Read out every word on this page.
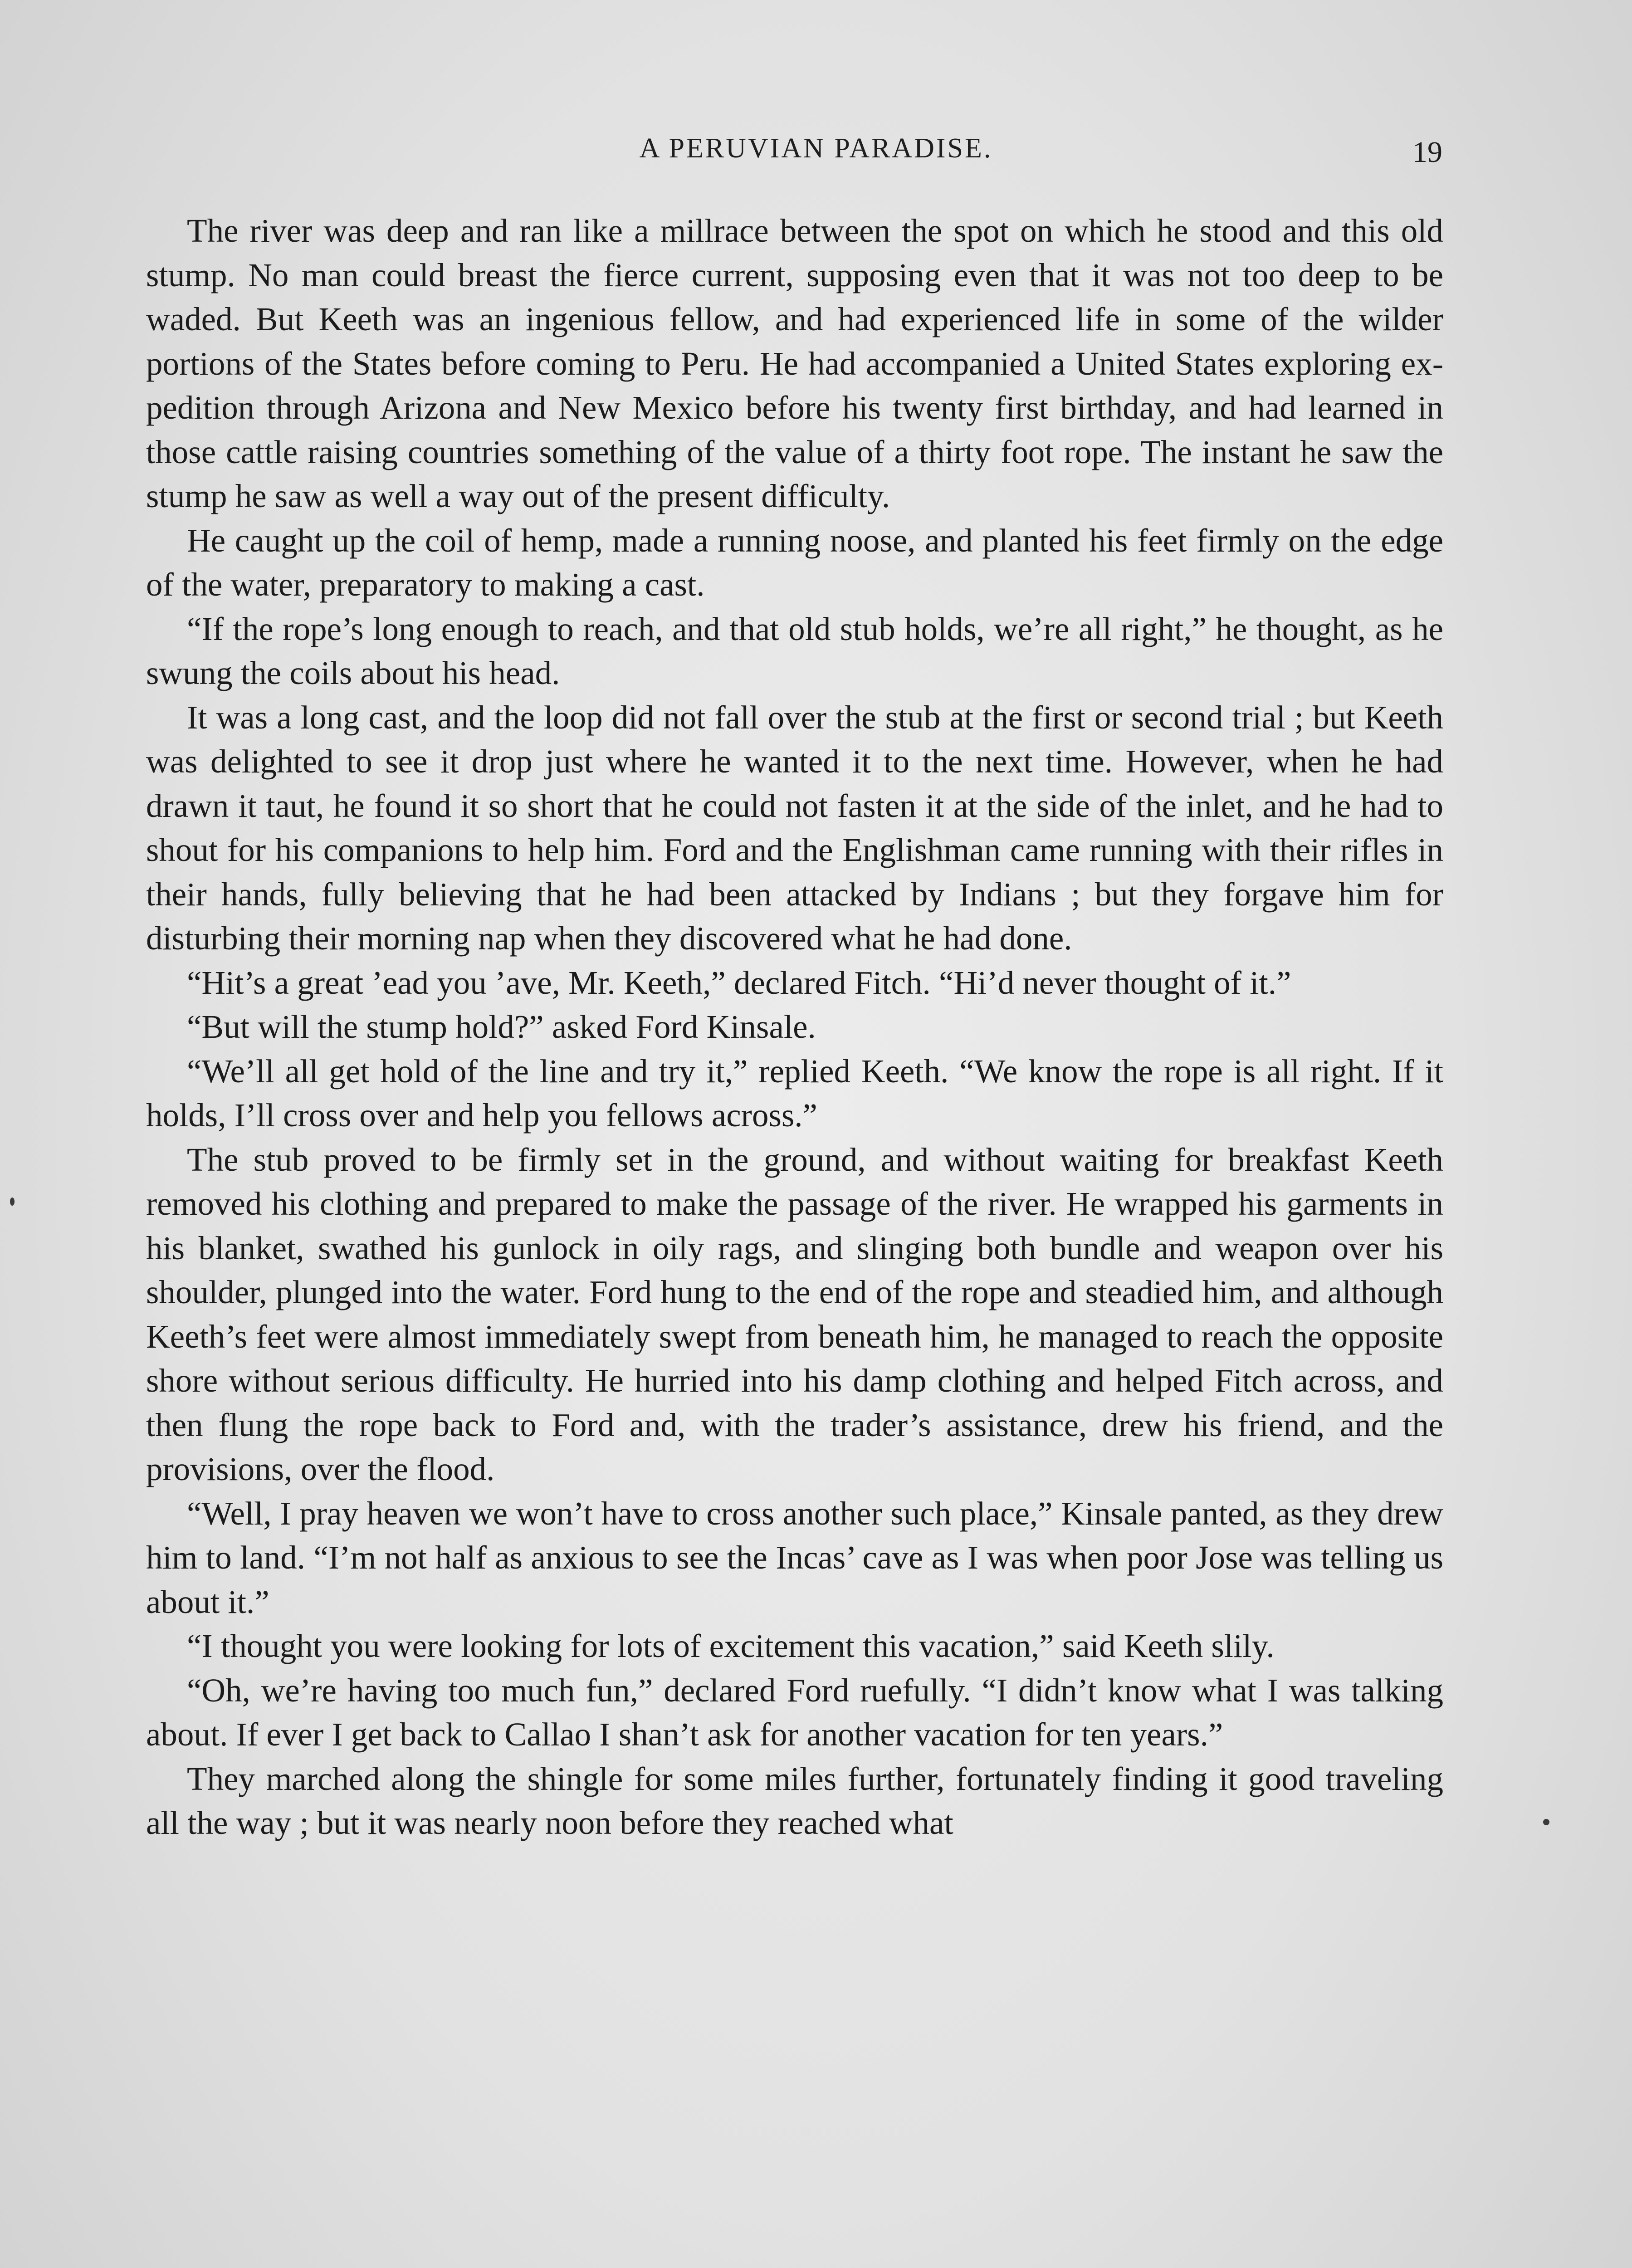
A PERUVIAN PARADISE.	19

The river was deep and ran like a millrace between the spot on which he stood and this old stump. No man could breast the fierce current, supposing even that it was not too deep to be waded. But Keeth was an ingenious fellow, and had experienced life in some of the wilder portions of the States before coming to Peru. He had accompanied a United States exploring expedition through Arizona and New Mexico before his twenty first birthday, and had learned in those cattle raising countries something of the value of a thirty foot rope. The instant he saw the stump he saw as well a way out of the present difficulty.

He caught up the coil of hemp, made a running noose, and planted his feet firmly on the edge of the water, preparatory to making a cast.

“If the rope’s long enough to reach, and that old stub holds, we’re all right,” he thought, as he swung the coils about his head.

It was a long cast, and the loop did not fall over the stub at the first or second trial ; but Keeth was delighted to see it drop just where he wanted it to the next time. However, when he had drawn it taut, he found it so short that he could not fasten it at the side of the inlet, and he had to shout for his companions to help him. Ford and the Englishman came running with their rifles in their hands, fully believing that he had been attacked by Indians ; but they forgave him for disturbing their morning nap when they discovered what he had done.

“Hit’s a great ’ead you ’ave, Mr. Keeth,” declared Fitch. “Hi’d never thought of it.”

“But will the stump hold?” asked Ford Kinsale.

“We’ll all get hold of the line and try it,” replied Keeth. “We know the rope is all right. If it holds, I’ll cross over and help you fellows across.”

The stub proved to be firmly set in the ground, and without waiting for breakfast Keeth removed his clothing and prepared to make the passage of the river. He wrapped his garments in his blanket, swathed his gunlock in oily rags, and slinging both bundle and weapon over his shoulder, plunged into the water. Ford hung to the end of the rope and steadied him, and although Keeth’s feet were almost immediately swept from beneath him, he managed to reach the opposite shore without serious difficulty. He hurried into his damp clothing and helped Fitch across, and then flung the rope back to Ford and, with the trader’s assistance, drew his friend, and the provisions, over the flood.

“Well, I pray heaven we won’t have to cross another such place,” Kinsale panted, as they drew him to land. “I’m not half as anxious to see the Incas’ cave as I was when poor Jose was telling us about it.”

“I thought you were looking for lots of excitement this vacation,” said Keeth slily.

“Oh, we’re having too much fun,” declared Ford ruefully. “I didn’t know what I was talking about. If ever I get back to Callao I shan’t ask for another vacation for ten years.”

They marched along the shingle for some miles further, fortunately finding it good traveling all the way ; but it was nearly noon before they reached what
